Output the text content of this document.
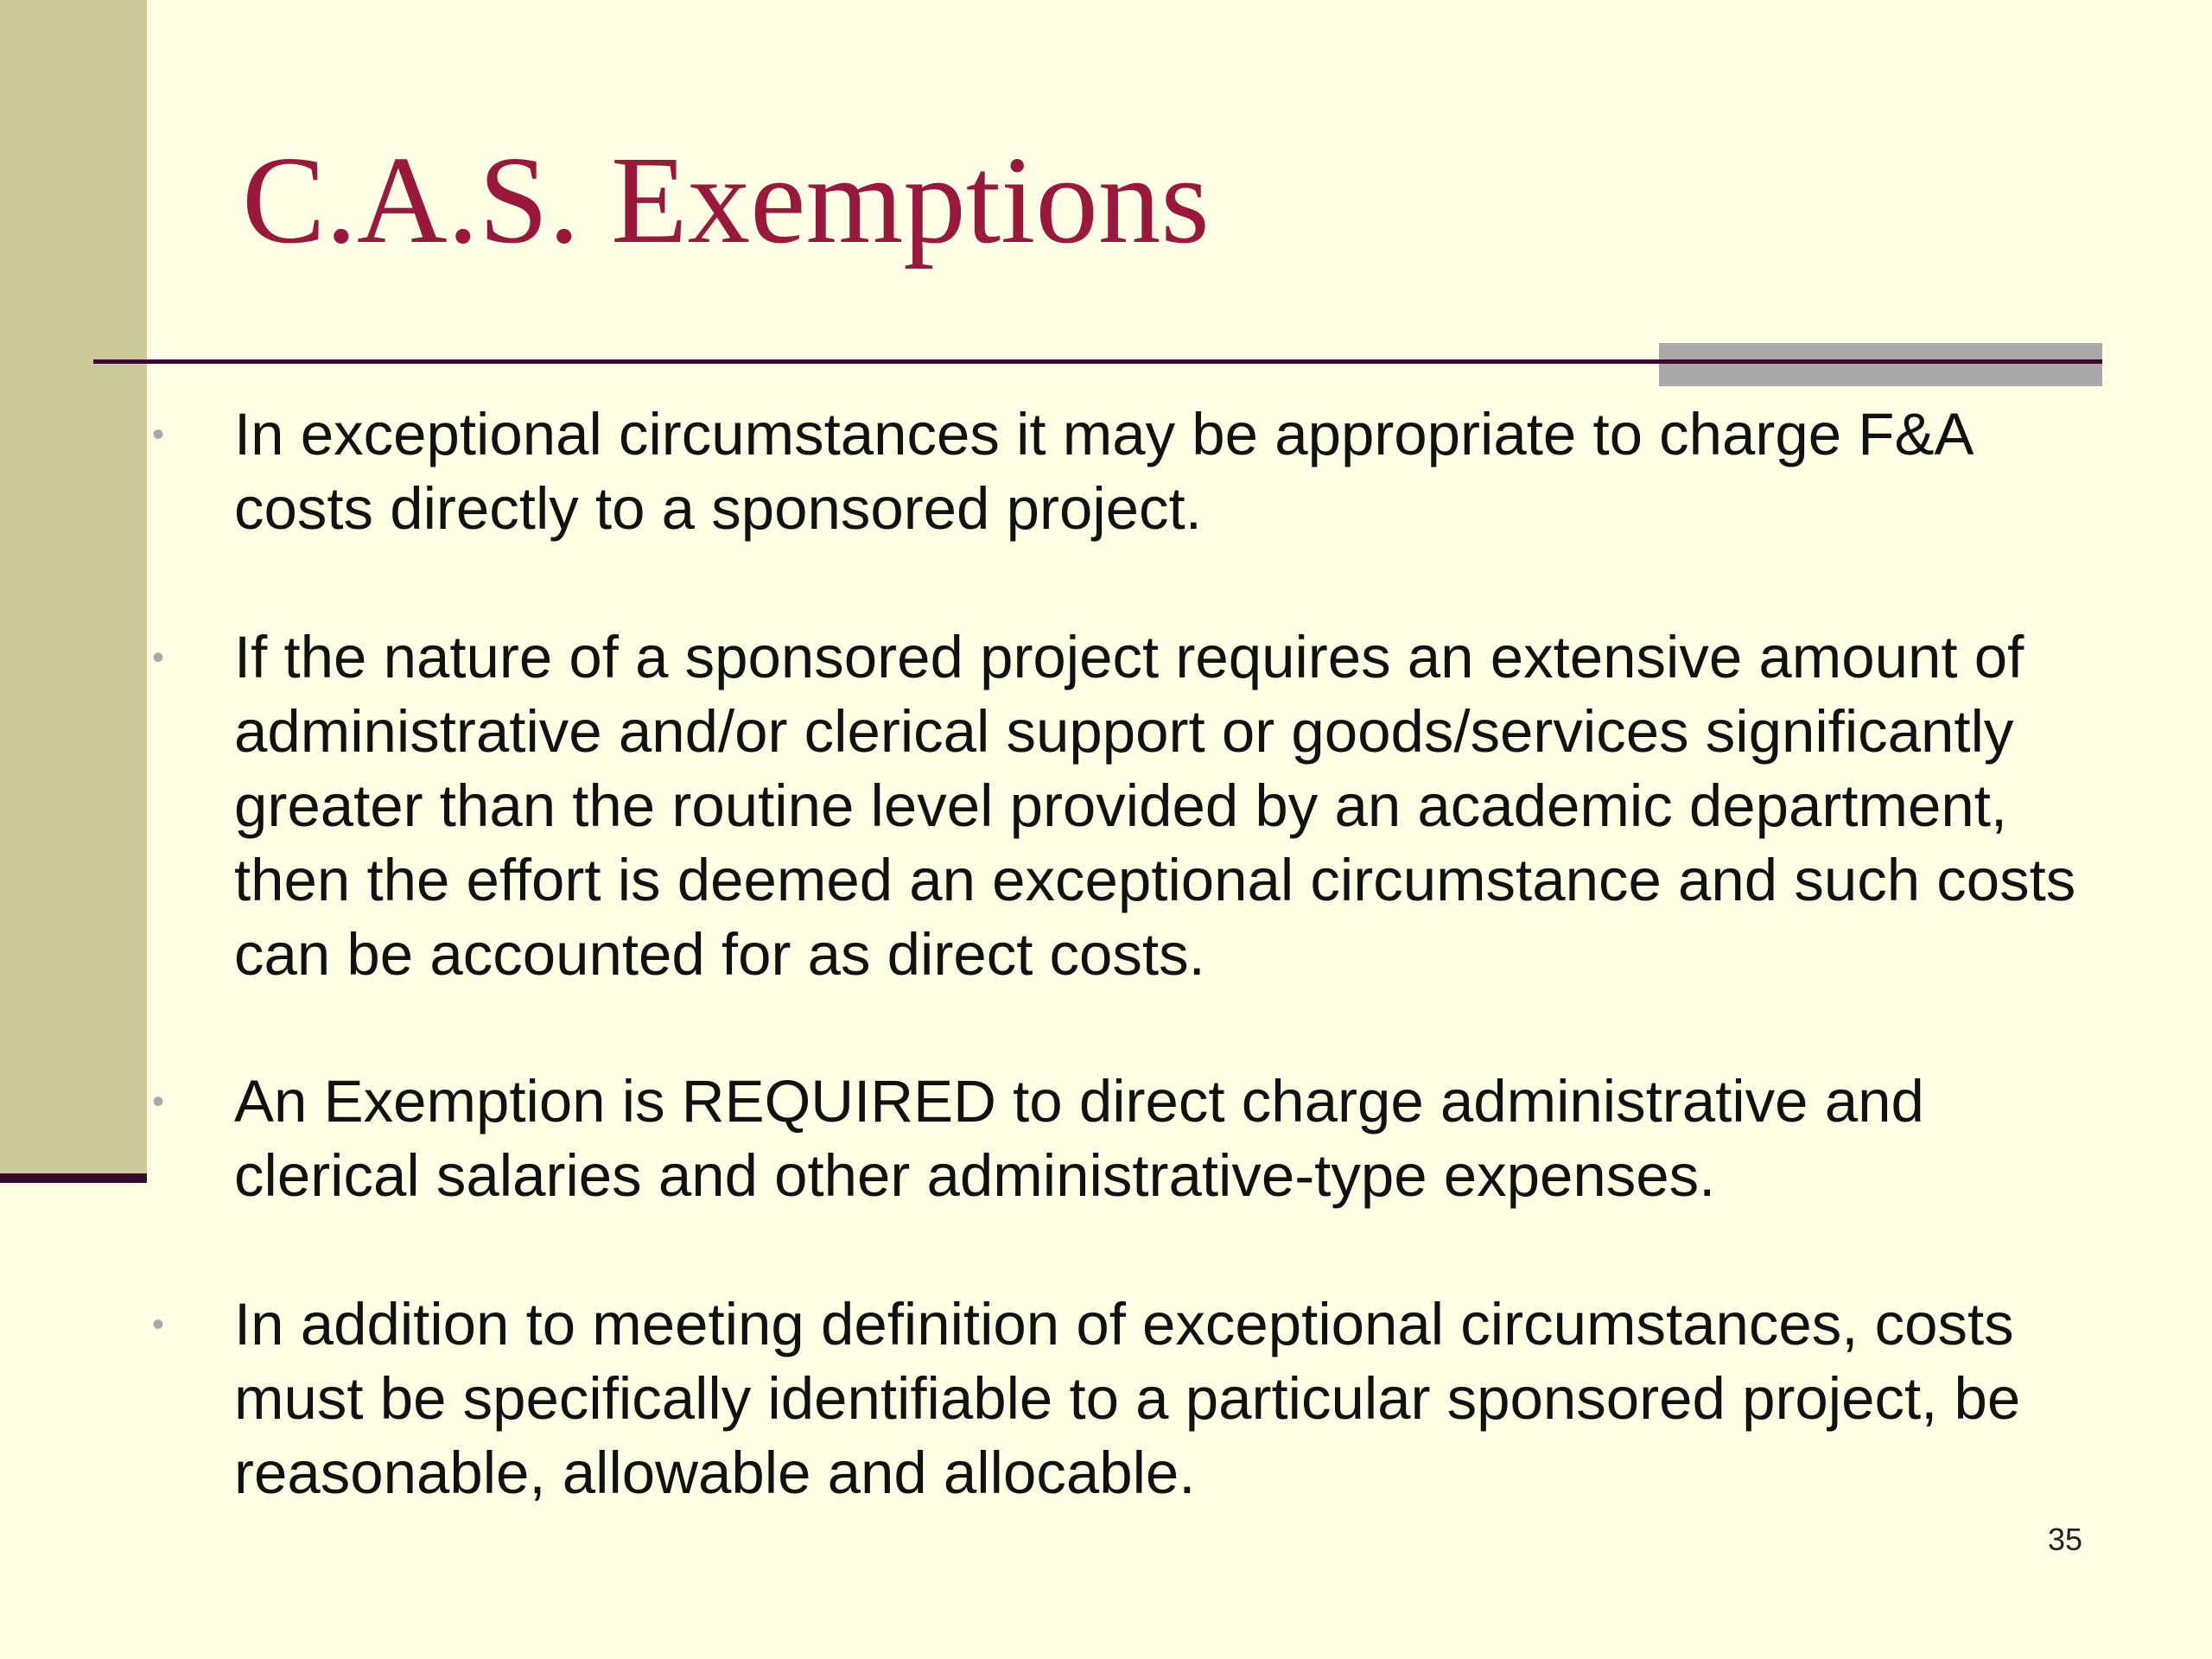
C.A.S. Exemptions
• In exceptional circumstances it may be appropriate to charge F&A costs directly to a sponsored project.

• If the nature of a sponsored project requires an extensive amount of administrative and/or clerical support or goods/services significantly greater than the routine level provided by an academic department, then the effort is deemed an exceptional circumstance and such costs can be accounted for as direct costs.

• An Exemption is REQUIRED to direct charge administrative and clerical salaries and other administrative-type expenses.

• In addition to meeting definition of exceptional circumstances, costs must be specifically identifiable to a particular sponsored project, be reasonable, allowable and allocable.

35
